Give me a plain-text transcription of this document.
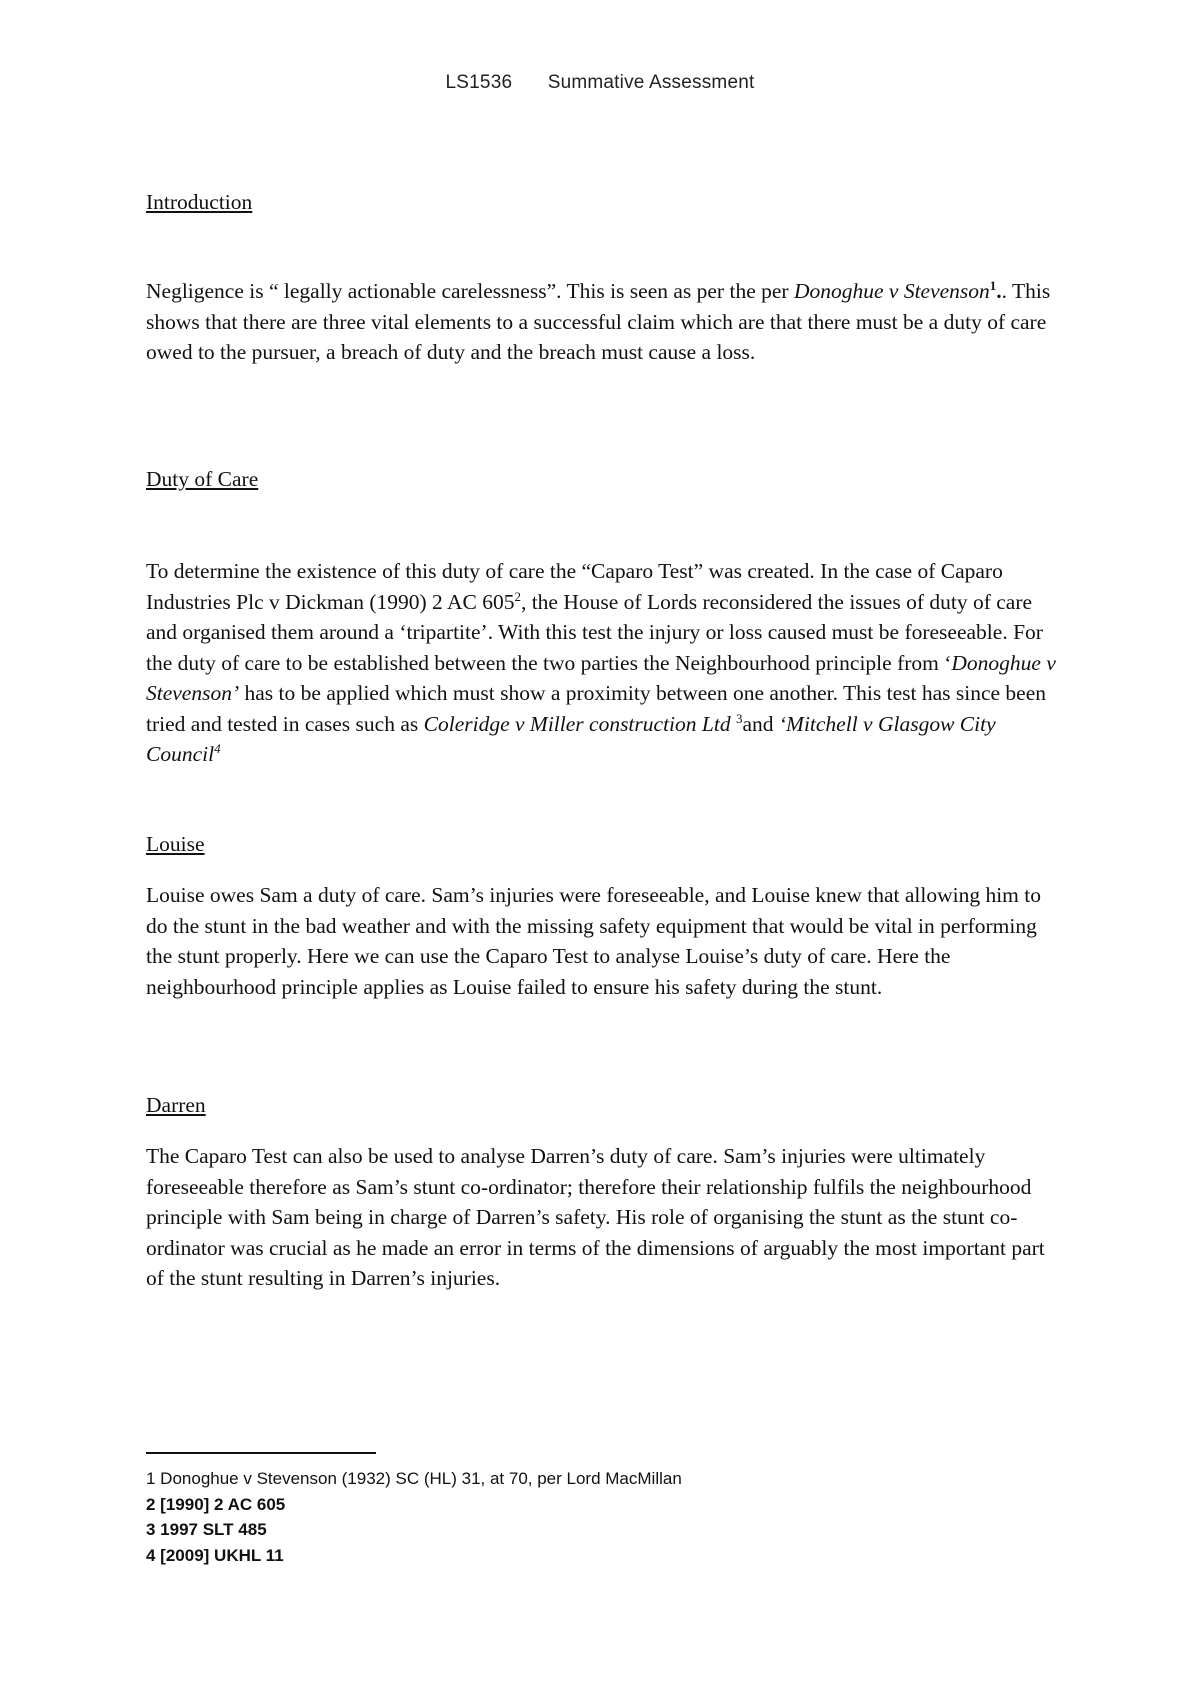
LS1536 Summative Assessment
Introduction

Negligence is “ legally actionable carelessness”. This is seen as per the per Donoghue v Stevenson$^1$.. This shows that there are three vital elements to a successful claim which are that there must be a duty of care owed to the pursuer, a breach of duty and the breach must cause a loss.

Duty of Care

To determine the existence of this duty of care the “Caparo Test” was created. In the case of Caparo Industries Plc v Dickman (1990) 2 AC $605^2$, the House of Lords reconsidered the issues of duty of care and organised them around a ‘tripartite’. With this test the injury or loss caused must be foreseeable. For the duty of care to be established between the two parties the Neighbourhood principle from ‘Donoghue v Stevenson’ has to be applied which must show a proximity between one another. This test has since been tried and tested in cases such as Coleridge v Miller construction Ltd $^3$and ‘Mitchell v Glasgow City Council$^4$

Louise
Louise owes Sam a duty of care. Sam’s injuries were foreseeable, and Louise knew that allowing him to do the stunt in the bad weather and with the missing safety equipment that would be vital in performing the stunt properly. Here we can use the Caparo Test to analyse Louise’s duty of care. Here the neighbourhood principle applies as Louise failed to ensure his safety during the stunt.
Darren
The Caparo Test can also be used to analyse Darren’s duty of care. Sam’s injuries were ultimately foreseeable therefore as Sam’s stunt co-ordinator; therefore their relationship fulfils the neighbourhood principle with Sam being in charge of Darren’s safety. His role of organising the stunt as the stunt co-ordinator was crucial as he made an error in terms of the dimensions of arguably the most important part of the stunt resulting in Darren’s injuries.
1 Donoghue v Stevenson (1932) SC (HL) 31, at 70, per Lord MacMillan
2 [1990] 2 AC 605
3 1997 SLT 485
4 [2009] UKHL 11
